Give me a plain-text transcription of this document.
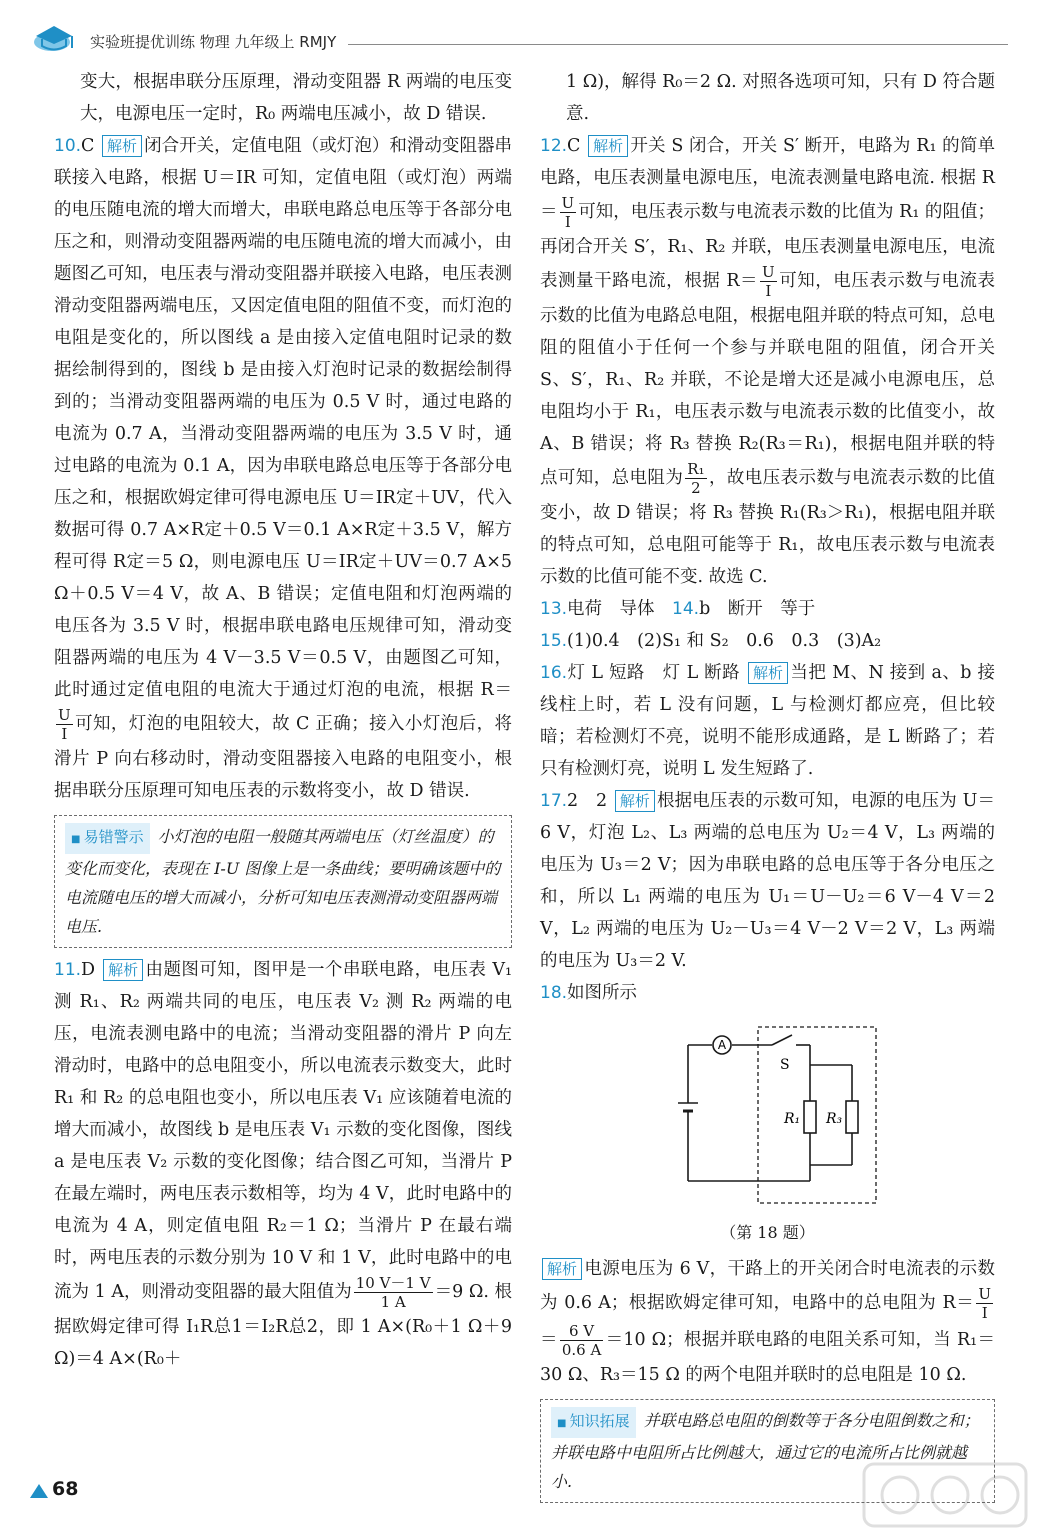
实验班提优训练 物理 九年级上 RMJY

变大，根据串联分压原理，滑动变阻器 R 两端的电压变大，电源电压一定时，R₀ 两端电压减小，故 D 错误.

10.C 解析 闭合开关，定值电阻（或灯泡）和滑动变阻器串联接入电路，根据 U＝IR 可知，定值电阻（或灯泡）两端的电压随电流的增大而增大，串联电路总电压等于各部分电压之和，则滑动变阻器两端的电压随电流的增大而减小，由题图乙可知，电压表与滑动变阻器并联接入电路，电压表测滑动变阻器两端电压，又因定值电阻的阻值不变，而灯泡的电阻是变化的，所以图线 a 是由接入定值电阻时记录的数据绘制得到的，图线 b 是由接入灯泡时记录的数据绘制得到的；当滑动变阻器两端的电压为 0.5 V 时，通过电路的电流为 0.7 A，当滑动变阻器两端的电压为 3.5 V 时，通过电路的电流为 0.1 A，因为串联电路总电压等于各部分电压之和，根据欧姆定律可得电源电压 U＝IR定＋UV，代入数据可得 0.7 A×R定＋0.5 V＝0.1 A×R定＋3.5 V，解方程可得 R定＝5 Ω，则电源电压 U＝IR定＋UV＝0.7 A×5 Ω＋0.5 V＝4 V，故 A、B 错误；定值电阻和灯泡两端的电压各为 3.5 V 时，根据串联电路电压规律可知，滑动变阻器两端的电压为 4 V－3.5 V＝0.5 V，由题图乙可知，此时通过定值电阻的电流大于通过灯泡的电流，根据 R＝
$\frac{U}{I}$ 可知，灯泡的电阻较大，故 C 正确；接入小灯泡后，将滑片 P 向右移动时，滑动变阻器接入电路的电阻变小，根据串联分压原理可知电压表的示数将变小，故 D 错误.

■ 易错警示 小灯泡的电阻一般随其两端电压（灯丝温度）的变化而变化，表现在 I-U 图像上是一条曲线；要明确该题中的电流随电压的增大而减小，分析可知电压表测滑动变阻器两端电压.

11.D 解析 由题图可知，图甲是一个串联电路，电压表 V₁ 测 R₁、R₂ 两端共同的电压，电压表 V₂ 测 R₂ 两端的电压，电流表测电路中的电流；当滑动变阻器的滑片 P 向左滑动时，电路中的总电阻变小，所以电流表示数变大，此时 R₁ 和 R₂ 的总电阻也变小，所以电压表 V₁ 应该随着电流的增大而减小，故图线 b 是电压表 V₁ 示数的变化图像，图线 a 是电压表 V₂ 示数的变化图像；结合图乙可知，当滑片 P 在最左端时，两电压表示数相等，均为 4 V，此时电路中的电流为 4 A，则定值电阻 R₂＝1 Ω；当滑片 P 在最右端时，两电压表的示数分别为 10 V 和 1 V，此时电路中的电流为 1 A，则滑动变阻器的最大阻值为 $\frac{10 V-1 V}{1 A} =9$ Ω. 根据欧姆定律可得 I₁R总1＝I₂R总2，即 1 A×(R₀＋1 Ω＋9 Ω)＝4 A×(R₀＋

1 Ω)，解得 R₀＝2 Ω. 对照各选项可知，只有 D 符合题意.

12.C 解析 开关 S 闭合，开关 S′ 断开，电路为 R₁ 的简单电路，电压表测量电源电压，电流表测量电路电流. 根据 $R= \frac{U}{I}$ 可知，电压表示数与电流表示数的比值为 R₁ 的阻值；再闭合开关 S′，R₁、R₂ 并联，电压表测量电源电压，电流表测量干路电流，根据 $R= \frac{U}{I}$ 可知，电压表示数与电流表示数的比值为电路总电阻，根据电阻并联的特点可知，总电阻的阻值小于任何一个参与并联电阻的阻值，闭合开关 S、S′，R₁、R₂ 并联，不论是增大还是减小电源电压，总电阻均小于 R₁，电压表示数与电流表示数的比值变小，故 A、B 错误；将 R₃ 替换 R₂(R₃＝R₁)，根据电阻并联的特点可知，总电阻为 $\frac{\text{R₁}}{2}$ ，故电压表示数与电流表示数的比值变小，故 D 错误；将 R₃ 替换 R₁(R₃＞R₁)，根据电阻并联的特点可知，总电阻可能等于 R₁，故电压表示数与电流表示数的比值可能不变. 故选 C.

13.电荷　导体　 14.b　断开　等于

15.(1)0.4　(2)S₁ 和 S₂　0.6　0.3　(3)A₂

16.灯 L 短路　灯 L 断路 解析 当把 M、N 接到 a、b 接线柱上时，若 L 没有问题，L 与检测灯都应亮，但比较暗；若检测灯不亮，说明不能形成通路，是 L 断路了；若只有检测灯亮，说明 L 发生短路了.

17.2　2 解析 根据电压表的示数可知，电源的电压为 U＝6 V，灯泡 L₂、L₃ 两端的总电压为 U₂＝4 V，L₃ 两端的电压为 U₃＝2 V；因为串联电路的总电压等于各分电压之和，所以 L₁ 两端的电压为 U₁＝U－U₂＝6 V－4 V＝2 V，L₂ 两端的电压为 U₂－U₃＝4 V－2 V＝2 V，L₃ 两端的电压为 U₃＝2 V.

18.如图所示

A
S
R₁ R₃
（第 18 题）

解析 电源电压为 6 V，干路上的开关闭合时电流表的示数为 0.6 A；根据欧姆定律可知，电路中的总电阻为 $R= \frac{U}{I}$
＝ $\frac{6 V}{0.6 A} =10$ Ω；根据并联电路的电阻关系可知，当 R₁＝30 Ω、R₃＝15 Ω 的两个电阻并联时的总电阻是 10 Ω.

■ 知识拓展 并联电路总电阻的倒数等于各分电阻倒数之和；并联电路中电阻所占比例越大，通过它的电流所占比例就越小.
68
